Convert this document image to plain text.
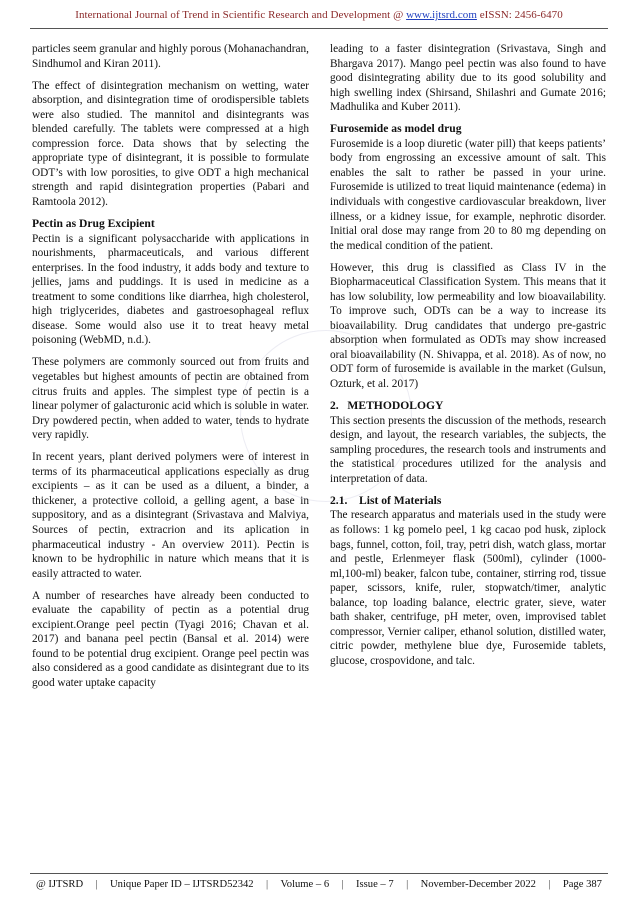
International Journal of Trend in Scientific Research and Development @ www.ijtsrd.com eISSN: 2456-6470

particles seem granular and highly porous (Mohanachandran, Sindhumol and Kiran 2011).

The effect of disintegration mechanism on wetting, water absorption, and disintegration time of orodispersible tablets were also studied. The mannitol and disintegrants was blended carefully. The tablets were compressed at a high compression force. Data shows that by selecting the appropriate type of disintegrant, it is possible to formulate ODT’s with low porosities, to give ODT a high mechanical strength and rapid disintegration properties (Pabari and Ramtoola 2012).

Pectin as Drug Excipient

Pectin is a significant polysaccharide with applications in nourishments, pharmaceuticals, and various different enterprises. In the food industry, it adds body and texture to jellies, jams and puddings. It is used in medicine as a treatment to some conditions like diarrhea, high cholesterol, high triglycerides, diabetes and gastroesophageal reflux disease. Some would also use it to treat heavy metal poisoning (WebMD, n.d.).

These polymers are commonly sourced out from fruits and vegetables but highest amounts of pectin are obtained from citrus fruits and apples. The simplest type of pectin is a linear polymer of galacturonic acid which is soluble in water. Dry powdered pectin, when added to water, tends to hydrate very rapidly.

In recent years, plant derived polymers were of interest in terms of its pharmaceutical applications especially as drug excipients – as it can be used as a diluent, a binder, a thickener, a protective colloid, a gelling agent, a base in suppository, and as a disintegrant (Srivastava and Malviya, Sources of pectin, extracrion and its aplication in pharmaceutical industry - An overview 2011). Pectin is known to be hydrophilic in nature which means that it is easily attracted to water.

A number of researches have already been conducted to evaluate the capability of pectin as a potential drug excipient.Orange peel pectin (Tyagi 2016; Chavan et al. 2017) and banana peel pectin (Bansal et al. 2014) were found to be potential drug excipient. Orange peel pectin was also considered as a good candidate as disintegrant due to its good water uptake capacity

leading to a faster disintegration (Srivastava, Singh and Bhargava 2017). Mango peel pectin was also found to have good disintegrating ability due to its good solubility and high swelling index (Shirsand, Shilashri and Gumate 2016; Madhulika and Kuber 2011).

Furosemide as model drug

Furosemide is a loop diuretic (water pill) that keeps patients’ body from engrossing an excessive amount of salt. This enables the salt to rather be passed in your urine. Furosemide is utilized to treat liquid maintenance (edema) in individuals with congestive cardiovascular breakdown, liver illness, or a kidney issue, for example, nephrotic disorder. Initial oral dose may range from 20 to 80 mg depending on the medical condition of the patient.

However, this drug is classified as Class IV in the Biopharmaceutical Classification System. This means that it has low solubility, low permeability and low bioavailability. To improve such, ODTs can be a way to increase its bioavailability. Drug candidates that undergo pre-gastric absorption when formulated as ODTs may show increased oral bioavailability (N. Shivappa, et al. 2018). As of now, no ODT form of furosemide is available in the market (Gulsun, Ozturk, et al. 2017)

2.   METHODOLOGY

This section presents the discussion of the methods, research design, and layout, the research variables, the subjects, the sampling procedures, the research tools and instruments and the statistical procedures utilized for the analysis and interpretation of data.

2.1.    List of Materials

The research apparatus and materials used in the study were as follows: 1 kg pomelo peel, 1 kg cacao pod husk, ziplock bags, funnel, cotton, foil, tray, petri dish, watch glass, mortar and pestle, Erlenmeyer flask (500ml), cylinder (1000-ml,100-ml) beaker, falcon tube, container, stirring rod, tissue paper, scissors, knife, ruler, stopwatch/timer, analytic balance, top loading balance, electric grater, sieve, water bath shaker, centrifuge, pH meter, oven, improvised tablet compressor, Vernier caliper, ethanol solution, distilled water, citric powder, methylene blue dye, Furosemide tablets, glucose, crospovidone, and talc.

@ IJTSRD | Unique Paper ID – IJTSRD52342 | Volume – 6 | Issue – 7 | November-December 2022 | Page 387
